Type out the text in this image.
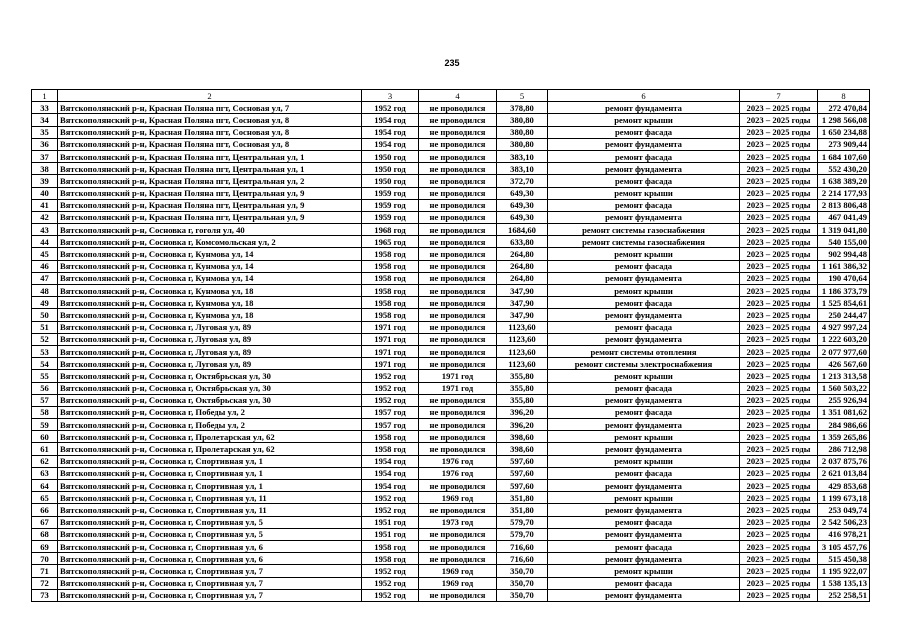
235
1	2	3	4	5	6	7	8
33	Вятскополянский р-н, Красная Поляна пгт, Сосновая ул, 7	1952 год	не проводился	378,80	ремонт фундамента	2023 – 2025 годы	272 470,84
34	Вятскополянский р-н, Красная Поляна пгт, Сосновая ул, 8	1954 год	не проводился	380,80	ремонт крыши	2023 – 2025 годы	1 298 566,08
35	Вятскополянский р-н, Красная Поляна пгт, Сосновая ул, 8	1954 год	не проводился	380,80	ремонт фасада	2023 – 2025 годы	1 650 234,88
36	Вятскополянский р-н, Красная Поляна пгт, Сосновая ул, 8	1954 год	не проводился	380,80	ремонт фундамента	2023 – 2025 годы	273 909,44
37	Вятскополянский р-н, Красная Поляна пгт, Центральная ул, 1	1950 год	не проводился	383,10	ремонт фасада	2023 – 2025 годы	1 684 107,60
38	Вятскополянский р-н, Красная Поляна пгт, Центральная ул, 1	1950 год	не проводился	383,10	ремонт фундамента	2023 – 2025 годы	552 430,20
39	Вятскополянский р-н, Красная Поляна пгт, Центральная ул, 2	1950 год	не проводился	372,70	ремонт фасада	2023 – 2025 годы	1 638 389,20
40	Вятскополянский р-н, Красная Поляна пгт, Центральная ул, 9	1959 год	не проводился	649,30	ремонт крыши	2023 – 2025 годы	2 214 177,93
41	Вятскополянский р-н, Красная Поляна пгт, Центральная ул, 9	1959 год	не проводился	649,30	ремонт фасада	2023 – 2025 годы	2 813 806,48
42	Вятскополянский р-н, Красная Поляна пгт, Центральная ул, 9	1959 год	не проводился	649,30	ремонт фундамента	2023 – 2025 годы	467 041,49
43	Вятскополянский р-н, Сосновка г, гоголя ул, 40	1968 год	не проводился	1684,60	ремонт системы газоснабжения	2023 – 2025 годы	1 319 041,80
44	Вятскополянский р-н, Сосновка г, Комсомольская ул, 2	1965 год	не проводился	633,80	ремонт системы газоснабжения	2023 – 2025 годы	540 155,00
45	Вятскополянский р-н, Сосновка г, Кунмова ул, 14	1958 год	не проводился	264,80	ремонт крыши	2023 – 2025 годы	902 994,48
46	Вятскополянский р-н, Сосновка г, Кунмова ул, 14	1958 год	не проводился	264,80	ремонт фасада	2023 – 2025 годы	1 161 386,32
47	Вятскополянский р-н, Сосновка г, Кунмова ул, 14	1958 год	не проводился	264,80	ремонт фундамента	2023 – 2025 годы	190 470,64
48	Вятскополянский р-н, Сосновка г, Кунмова ул, 18	1958 год	не проводился	347,90	ремонт крыши	2023 – 2025 годы	1 186 373,79
49	Вятскополянский р-н, Сосновка г, Кунмова ул, 18	1958 год	не проводился	347,90	ремонт фасада	2023 – 2025 годы	1 525 854,61
50	Вятскополянский р-н, Сосновка г, Кунмова ул, 18	1958 год	не проводился	347,90	ремонт фундамента	2023 – 2025 годы	250 244,47
51	Вятскополянский р-н, Сосновка г, Луговая ул, 89	1971 год	не проводился	1123,60	ремонт фасада	2023 – 2025 годы	4 927 997,24
52	Вятскополянский р-н, Сосновка г, Луговая ул, 89	1971 год	не проводился	1123,60	ремонт фундамента	2023 – 2025 годы	1 222 603,20
53	Вятскополянский р-н, Сосновка г, Луговая ул, 89	1971 год	не проводился	1123,60	ремонт системы отопления	2023 – 2025 годы	2 077 977,60
54	Вятскополянский р-н, Сосновка г, Луговая ул, 89	1971 год	не проводился	1123,60	ремонт системы электроснабжения	2023 – 2025 годы	426 567,60
55	Вятскополянский р-н, Сосновка г, Октябрьская ул, 30	1952 год	1971 год	355,80	ремонт крыши	2023 – 2025 годы	1 213 313,58
56	Вятскополянский р-н, Сосновка г, Октябрьская ул, 30	1952 год	1971 год	355,80	ремонт фасада	2023 – 2025 годы	1 560 503,22
57	Вятскополянский р-н, Сосновка г, Октябрьская ул, 30	1952 год	не проводился	355,80	ремонт фундамента	2023 – 2025 годы	255 926,94
58	Вятскополянский р-н, Сосновка г, Победы ул, 2	1957 год	не проводился	396,20	ремонт фасада	2023 – 2025 годы	1 351 081,62
59	Вятскополянский р-н, Сосновка г, Победы ул, 2	1957 год	не проводился	396,20	ремонт фундамента	2023 – 2025 годы	284 986,66
60	Вятскополянский р-н, Сосновка г, Пролетарская ул, 62	1958 год	не проводился	398,60	ремонт крыши	2023 – 2025 годы	1 359 265,86
61	Вятскополянский р-н, Сосновка г, Пролетарская ул, 62	1958 год	не проводился	398,60	ремонт фундамента	2023 – 2025 годы	286 712,98
62	Вятскополянский р-н, Сосновка г, Спортивная ул, 1	1954 год	1976 год	597,60	ремонт крыши	2023 – 2025 годы	2 037 875,76
63	Вятскополянский р-н, Сосновка г, Спортивная ул, 1	1954 год	1976 год	597,60	ремонт фасада	2023 – 2025 годы	2 621 013,84
64	Вятскополянский р-н, Сосновка г, Спортивная ул, 1	1954 год	не проводился	597,60	ремонт фундамента	2023 – 2025 годы	429 853,68
65	Вятскополянский р-н, Сосновка г, Спортивная ул, 11	1952 год	1969 год	351,80	ремонт крыши	2023 – 2025 годы	1 199 673,18
66	Вятскополянский р-н, Сосновка г, Спортивная ул, 11	1952 год	не проводился	351,80	ремонт фундамента	2023 – 2025 годы	253 049,74
67	Вятскополянский р-н, Сосновка г, Спортивная ул, 5	1951 год	1973 год	579,70	ремонт фасада	2023 – 2025 годы	2 542 506,23
68	Вятскополянский р-н, Сосновка г, Спортивная ул, 5	1951 год	не проводился	579,70	ремонт фундамента	2023 – 2025 годы	416 978,21
69	Вятскополянский р-н, Сосновка г, Спортивная ул, 6	1958 год	не проводился	716,60	ремонт фасада	2023 – 2025 годы	3 105 457,76
70	Вятскополянский р-н, Сосновка г, Спортивная ул, 6	1958 год	не проводился	716,60	ремонт фундамента	2023 – 2025 годы	515 450,38
71	Вятскополянский р-н, Сосновка г, Спортивная ул, 7	1952 год	1969 год	350,70	ремонт крыши	2023 – 2025 годы	1 195 922,07
72	Вятскополянский р-н, Сосновка г, Спортивная ул, 7	1952 год	1969 год	350,70	ремонт фасада	2023 – 2025 годы	1 538 135,13
73	Вятскополянский р-н, Сосновка г, Спортивная ул, 7	1952 год	не проводился	350,70	ремонт фундамента	2023 – 2025 годы	252 258,51
